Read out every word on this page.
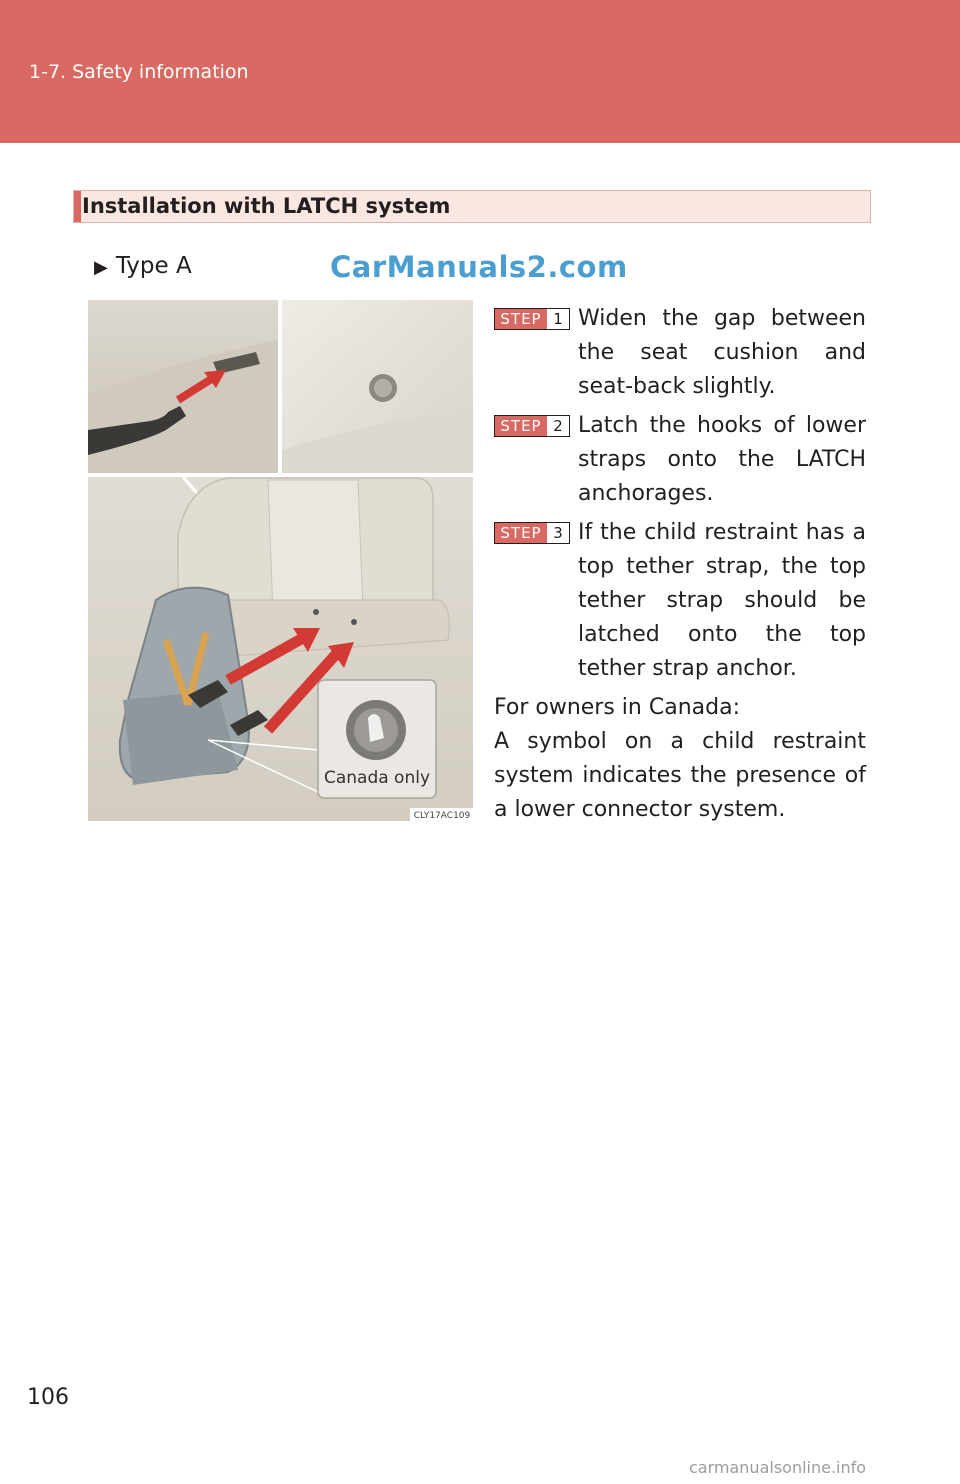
1-7. Safety information
Installation with LATCH system
▶ Type A	CarManuals2.com
Canada only
CLY17AC109
STEP 1 Widen the gap between the seat cushion and seat-back slightly.
STEP 2 Latch the hooks of lower straps onto the LATCH anchorages.
STEP 3 If the child restraint has a top tether strap, the top tether strap should be latched onto the top tether strap anchor.
For owners in Canada:
A symbol on a child restraint system indicates the presence of a lower connector system.
106
carmanualsonline.info
